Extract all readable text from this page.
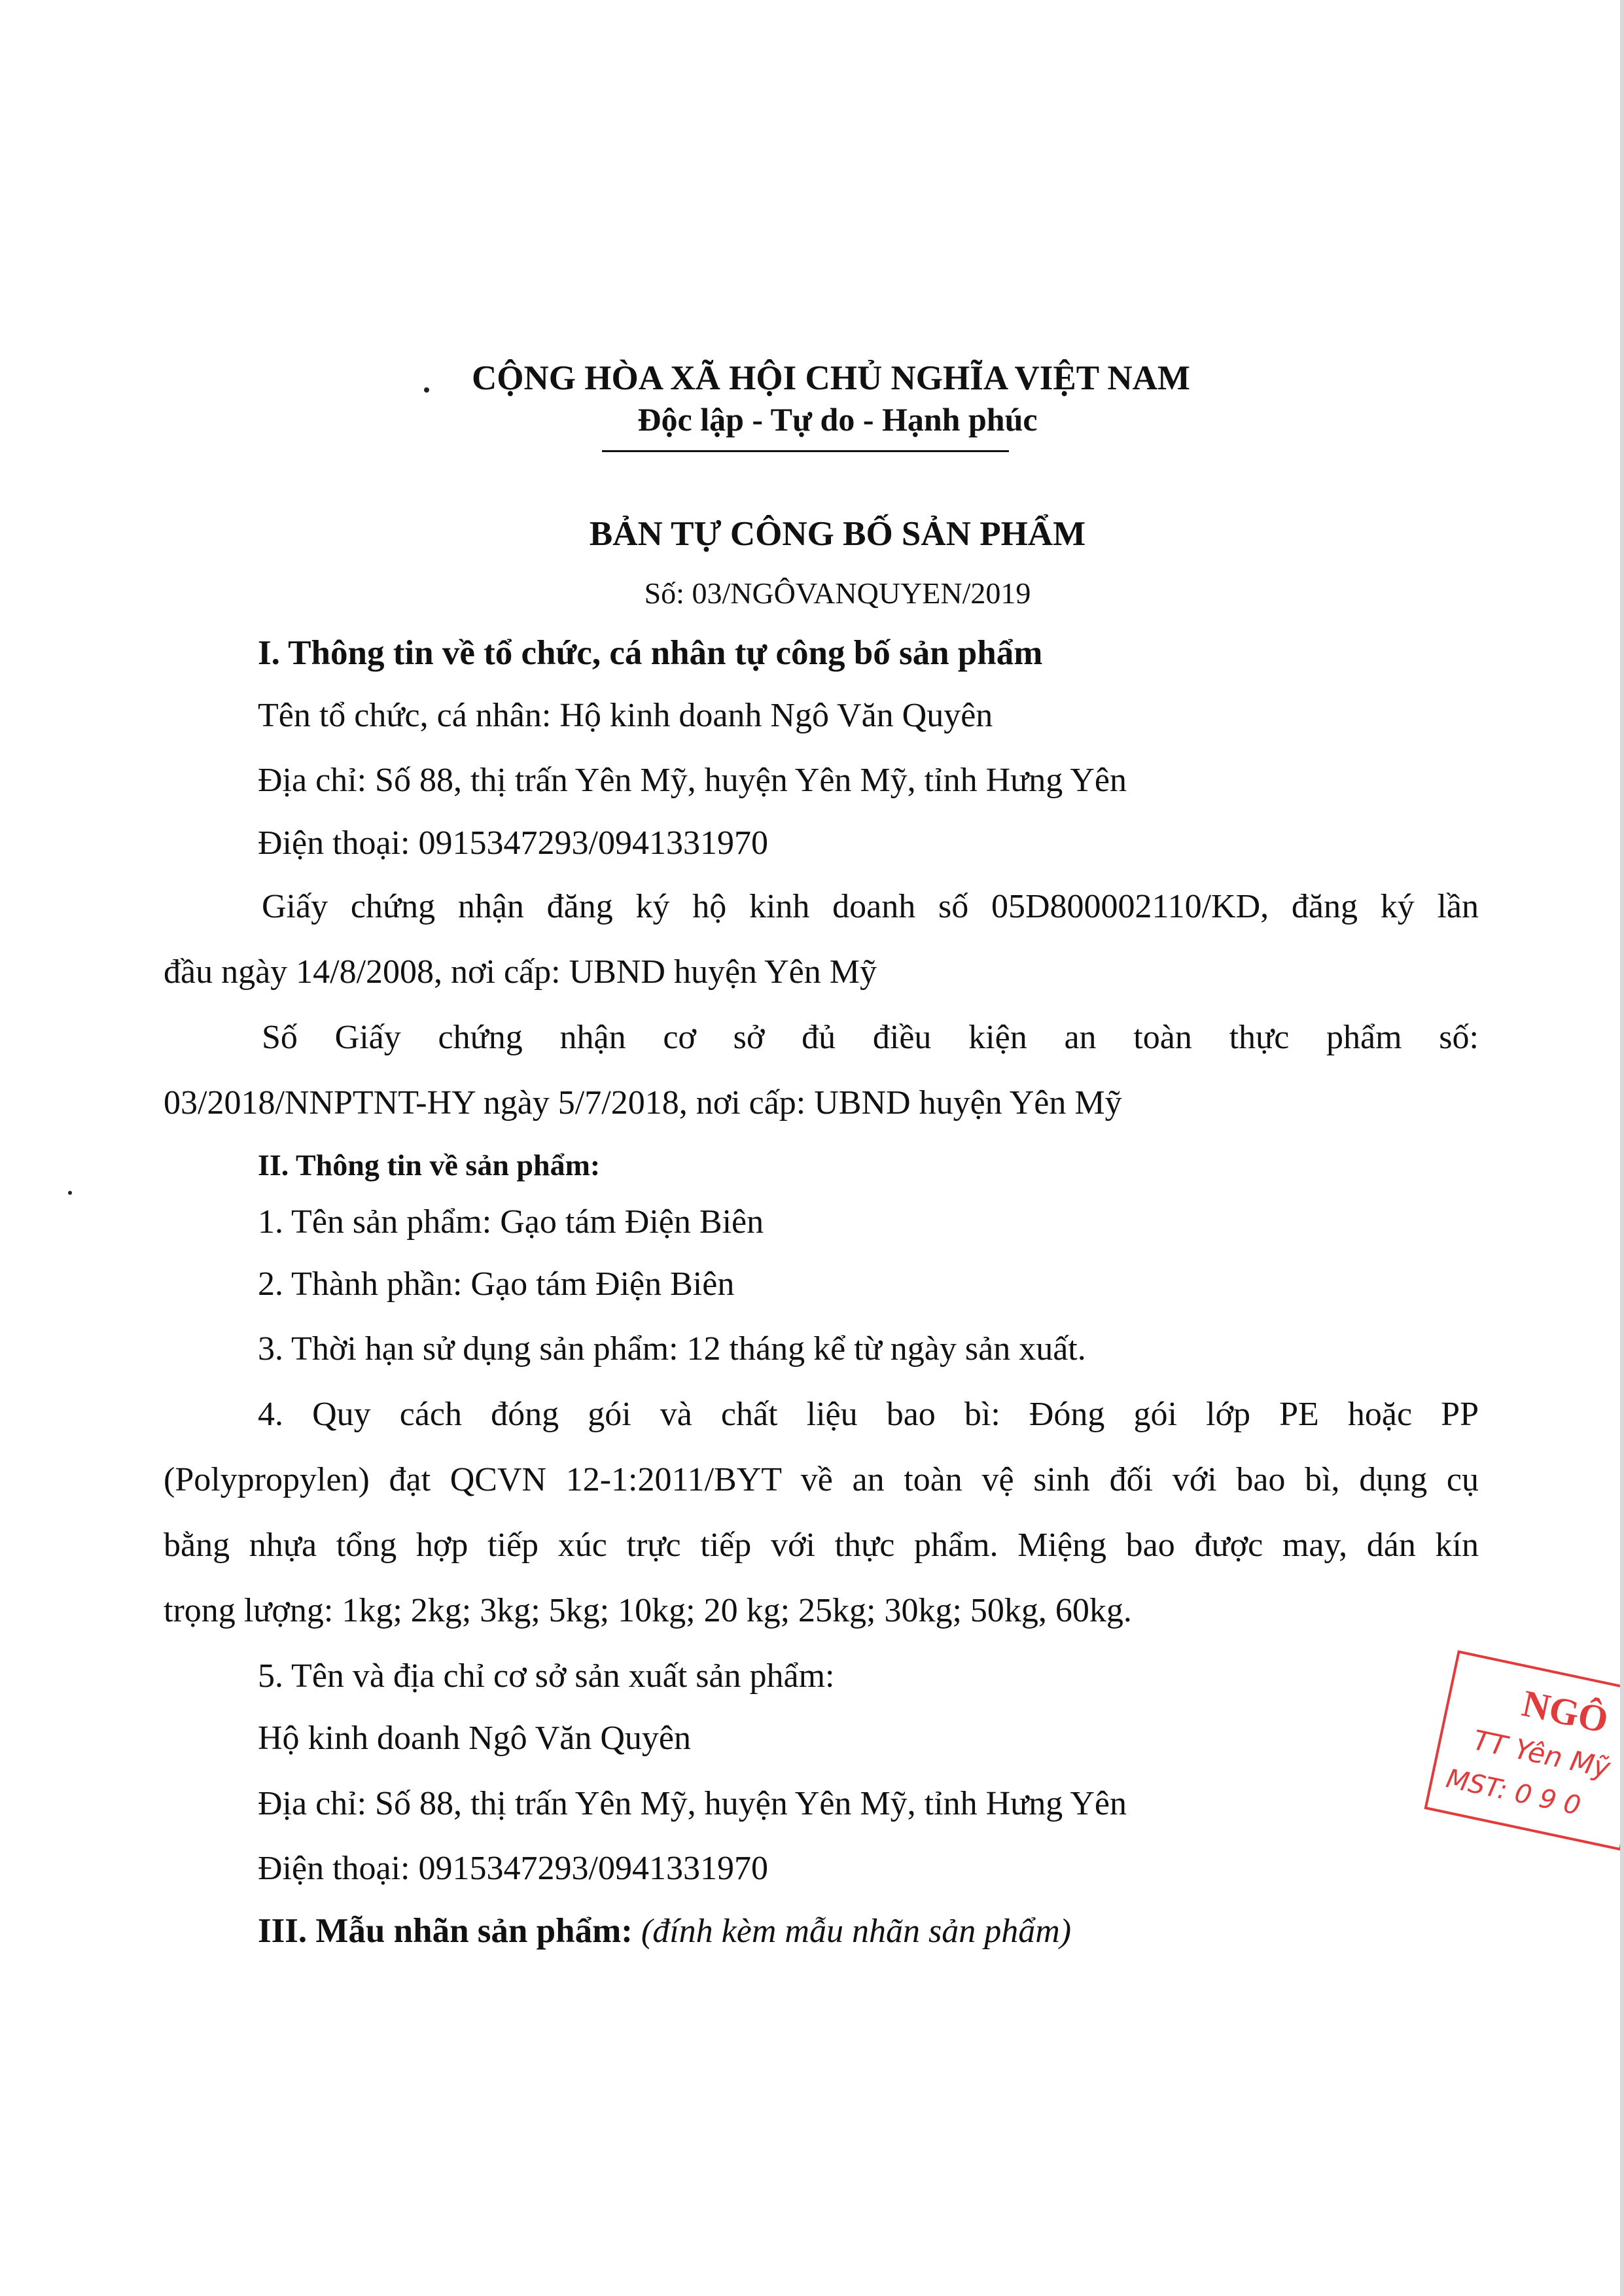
CỘNG HÒA XÃ HỘI CHỦ NGHĨA VIỆT NAM
Độc lập - Tự do - Hạnh phúc
BẢN TỰ CÔNG BỐ SẢN PHẨM
Số: 03/NGÔVANQUYEN/2019
I. Thông tin về tổ chức, cá nhân tự công bố sản phẩm
Tên tổ chức, cá nhân: Hộ kinh doanh Ngô Văn Quyên
Địa chỉ: Số 88, thị trấn Yên Mỹ, huyện Yên Mỹ, tỉnh Hưng Yên
Điện thoại: 0915347293/0941331970
Giấy chứng nhận đăng ký hộ kinh doanh số 05D800002110/KD, đăng ký lần
đầu ngày 14/8/2008, nơi cấp: UBND huyện Yên Mỹ
Số Giấy chứng nhận cơ sở đủ điều kiện an toàn thực phẩm số:
03/2018/NNPTNT-HY ngày 5/7/2018, nơi cấp: UBND huyện Yên Mỹ
II. Thông tin về sản phẩm:
1. Tên sản phẩm: Gạo tám Điện Biên
2. Thành phần: Gạo tám Điện Biên
3. Thời hạn sử dụng sản phẩm: 12 tháng kể từ ngày sản xuất.
4. Quy cách đóng gói và chất liệu bao bì: Đóng gói lớp PE hoặc PP
(Polypropylen) đạt QCVN 12-1:2011/BYT về an toàn vệ sinh đối với bao bì, dụng cụ
bằng nhựa tổng hợp tiếp xúc trực tiếp với thực phẩm. Miệng bao được may, dán kín
trọng lượng: 1kg; 2kg; 3kg; 5kg; 10kg; 20 kg; 25kg; 30kg; 50kg, 60kg.
5. Tên và địa chỉ cơ sở sản xuất sản phẩm:
Hộ kinh doanh Ngô Văn Quyên
Địa chỉ: Số 88, thị trấn Yên Mỹ, huyện Yên Mỹ, tỉnh Hưng Yên
Điện thoại: 0915347293/0941331970
III. Mẫu nhãn sản phẩm: (đính kèm mẫu nhãn sản phẩm)
NGÔ
TT Yên Mỹ
MST: 0 9 0
